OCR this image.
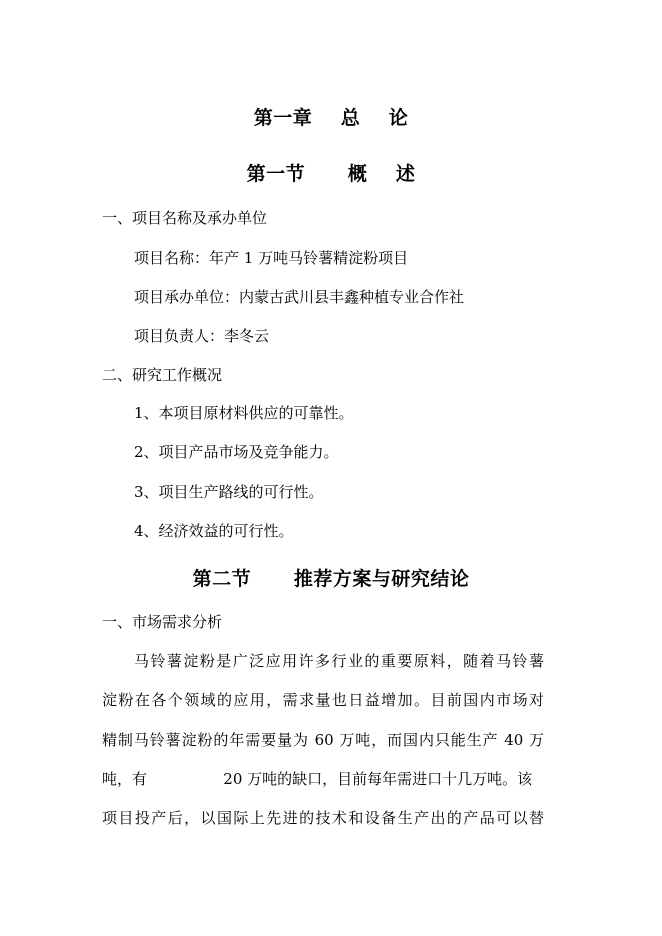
第一章    总    论
第一节      概    述
一、项目名称及承办单位
项目名称：年产 1 万吨马铃薯精淀粉项目
项目承办单位：内蒙古武川县丰鑫种植专业合作社
项目负责人：李冬云
二、研究工作概况
1、本项目原材料供应的可靠性。
2、项目产品市场及竞争能力。
3、项目生产路线的可行性。
4、经济效益的可行性。
第二节      推荐方案与研究结论
一、市场需求分析
马铃薯淀粉是广泛应用许多行业的重要原料，随着马铃薯
淀粉在各个领域的应用，需求量也日益增加。目前国内市场对
精制马铃薯淀粉的年需要量为 60 万吨，而国内只能生产 40 万
吨，有                20 万吨的缺口，目前每年需进口十几万吨。该
项目投产后，以国际上先进的技术和设备生产出的产品可以替
